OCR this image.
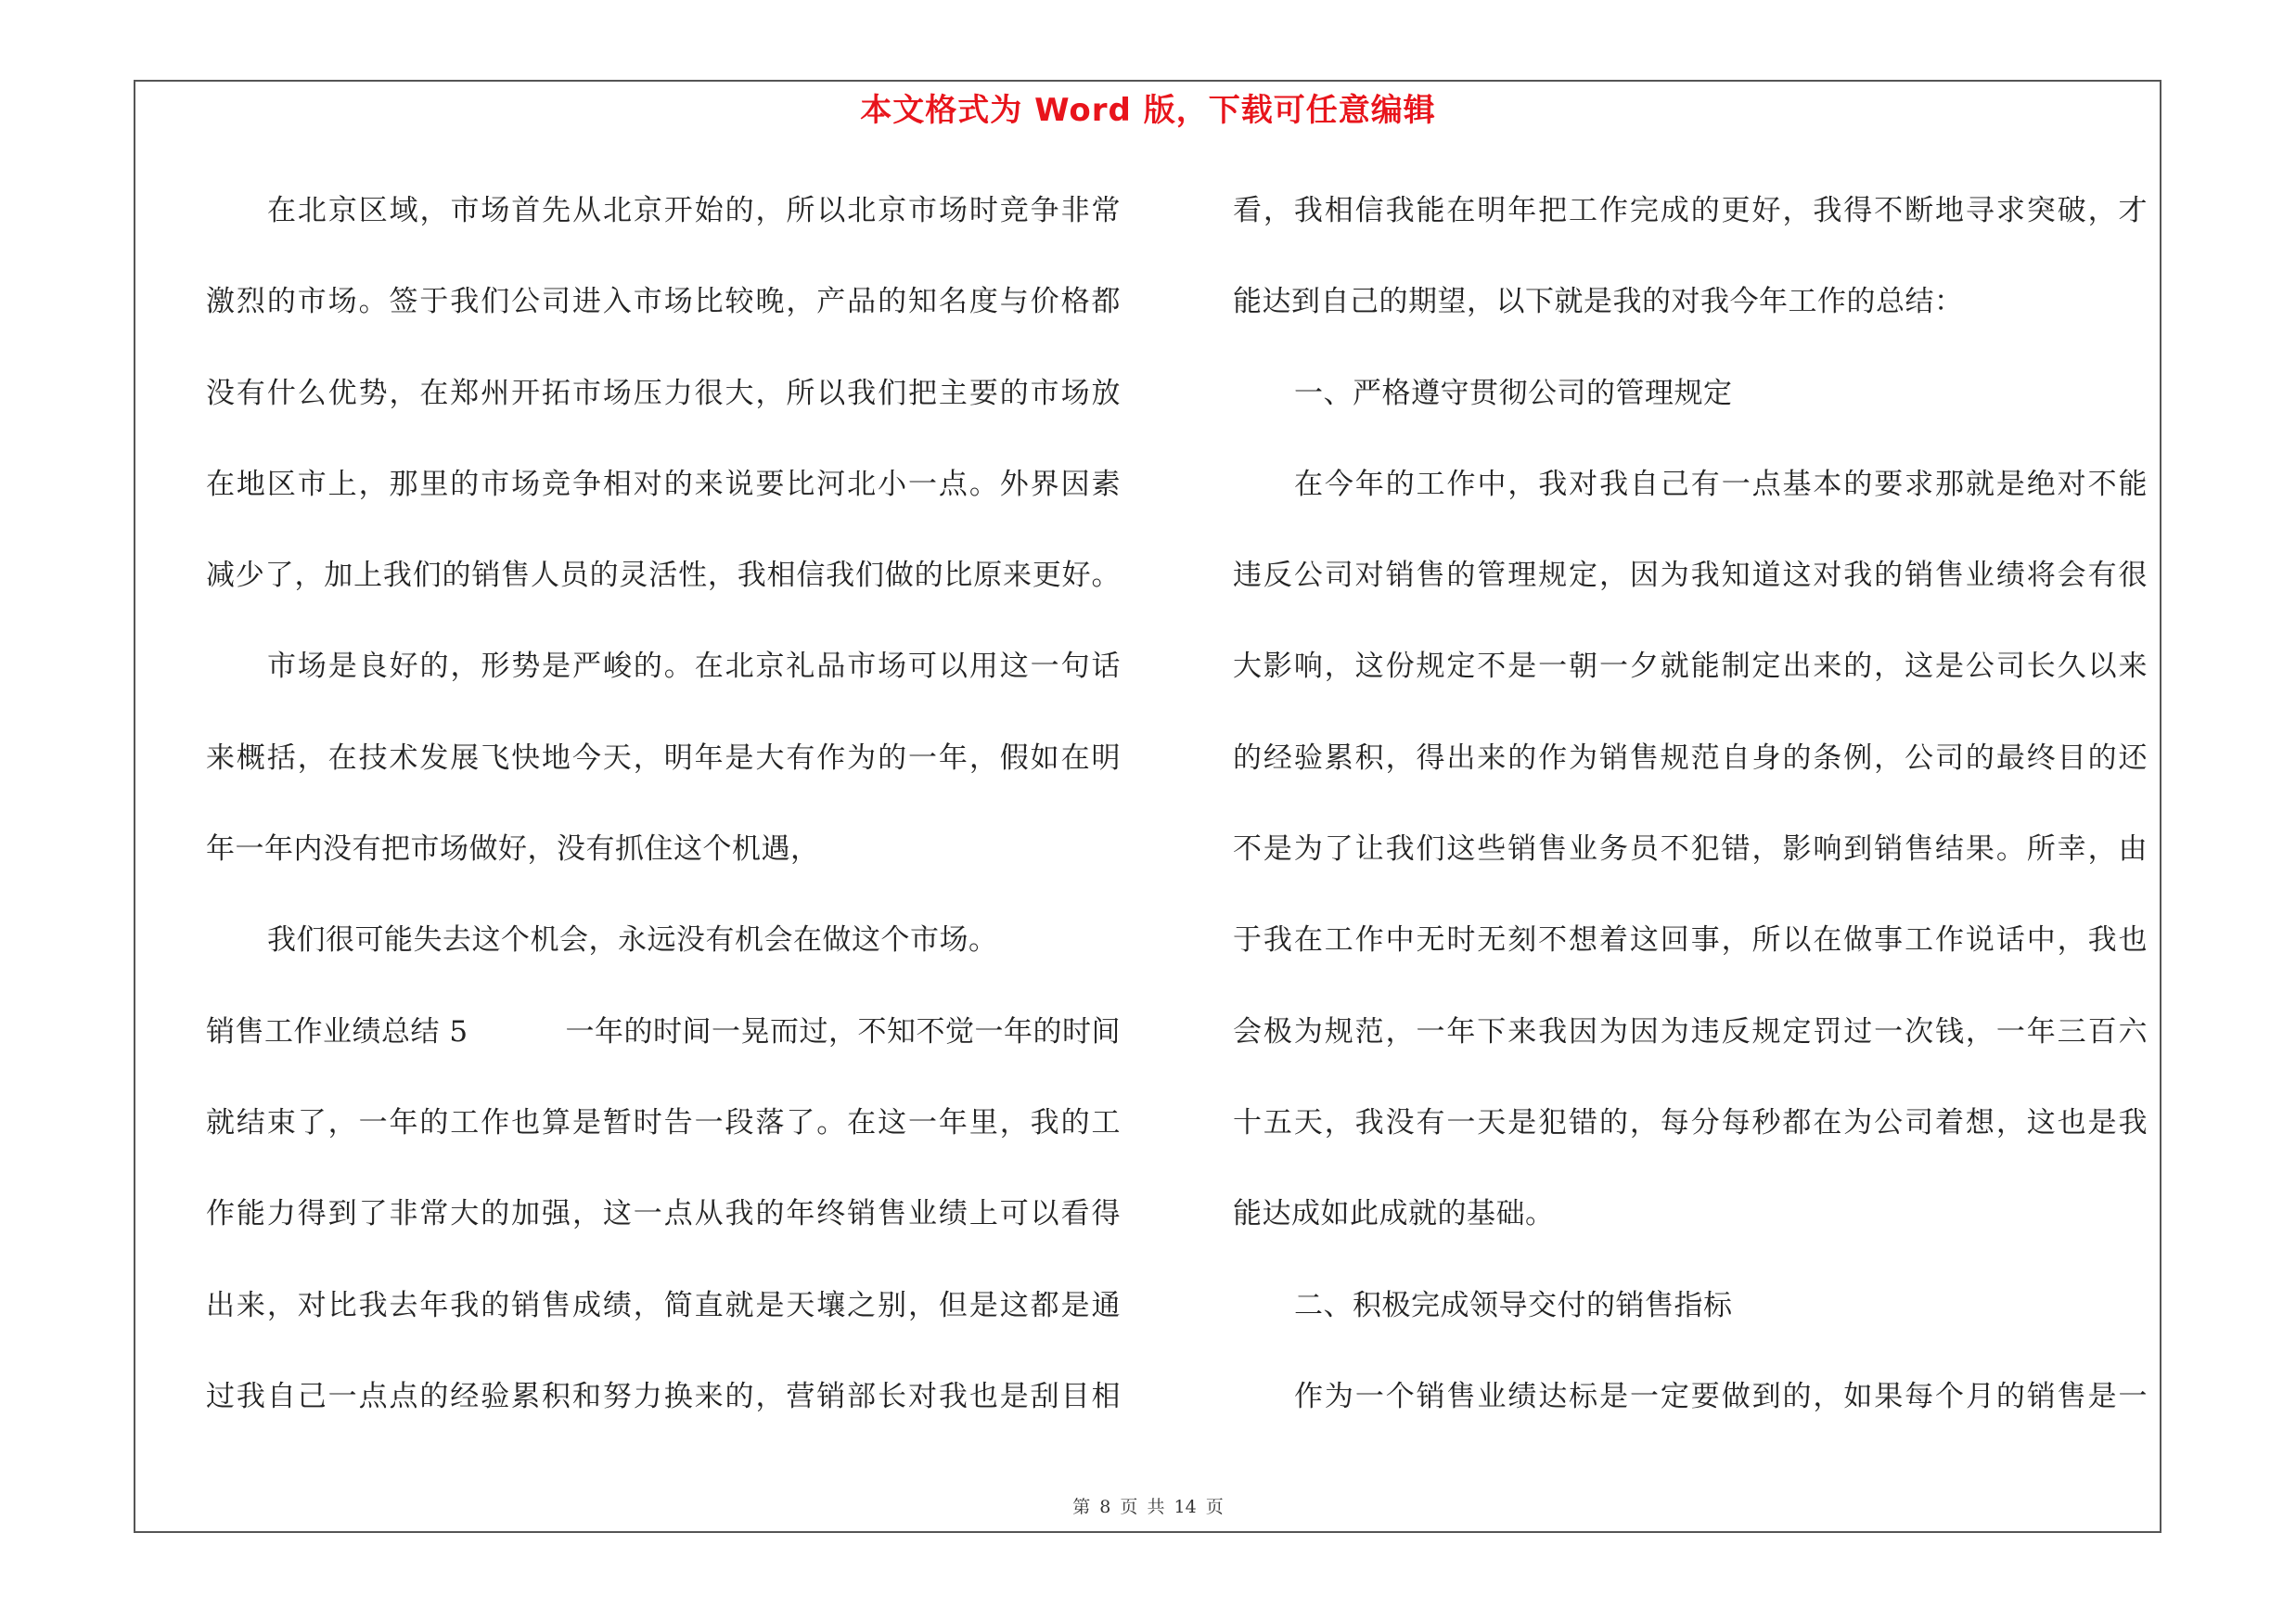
本文格式为 Word 版，下载可任意编辑
在北京区域，市场首先从北京开始的，所以北京市场时竞争非常
激烈的市场。签于我们公司进入市场比较晚，产品的知名度与价格都
没有什么优势，在郑州开拓市场压力很大，所以我们把主要的市场放
在地区市上，那里的市场竞争相对的来说要比河北小一点。外界因素
减少了，加上我们的销售人员的灵活性，我相信我们做的比原来更好。
市场是良好的，形势是严峻的。在北京礼品市场可以用这一句话
来概括，在技术发展飞快地今天，明年是大有作为的一年，假如在明
年一年内没有把市场做好，没有抓住这个机遇，
我们很可能失去这个机会，永远没有机会在做这个市场。
销售工作业绩总结 5	一年的时间一晃而过，不知不觉一年的时间
就结束了，一年的工作也算是暂时告一段落了。在这一年里，我的工
作能力得到了非常大的加强，这一点从我的年终销售业绩上可以看得
出来，对比我去年我的销售成绩，简直就是天壤之别，但是这都是通
过我自己一点点的经验累积和努力换来的，营销部长对我也是刮目相
看，我相信我能在明年把工作完成的更好，我得不断地寻求突破，才
能达到自己的期望，以下就是我的对我今年工作的总结：
一、严格遵守贯彻公司的管理规定
在今年的工作中，我对我自己有一点基本的要求那就是绝对不能
违反公司对销售的管理规定，因为我知道这对我的销售业绩将会有很
大影响，这份规定不是一朝一夕就能制定出来的，这是公司长久以来
的经验累积，得出来的作为销售规范自身的条例，公司的最终目的还
不是为了让我们这些销售业务员不犯错，影响到销售结果。所幸，由
于我在工作中无时无刻不想着这回事，所以在做事工作说话中，我也
会极为规范，一年下来我因为因为违反规定罚过一次钱，一年三百六
十五天，我没有一天是犯错的，每分每秒都在为公司着想，这也是我
能达成如此成就的基础。
二、积极完成领导交付的销售指标
作为一个销售业绩达标是一定要做到的，如果每个月的销售是一
第 8 页 共 14 页
